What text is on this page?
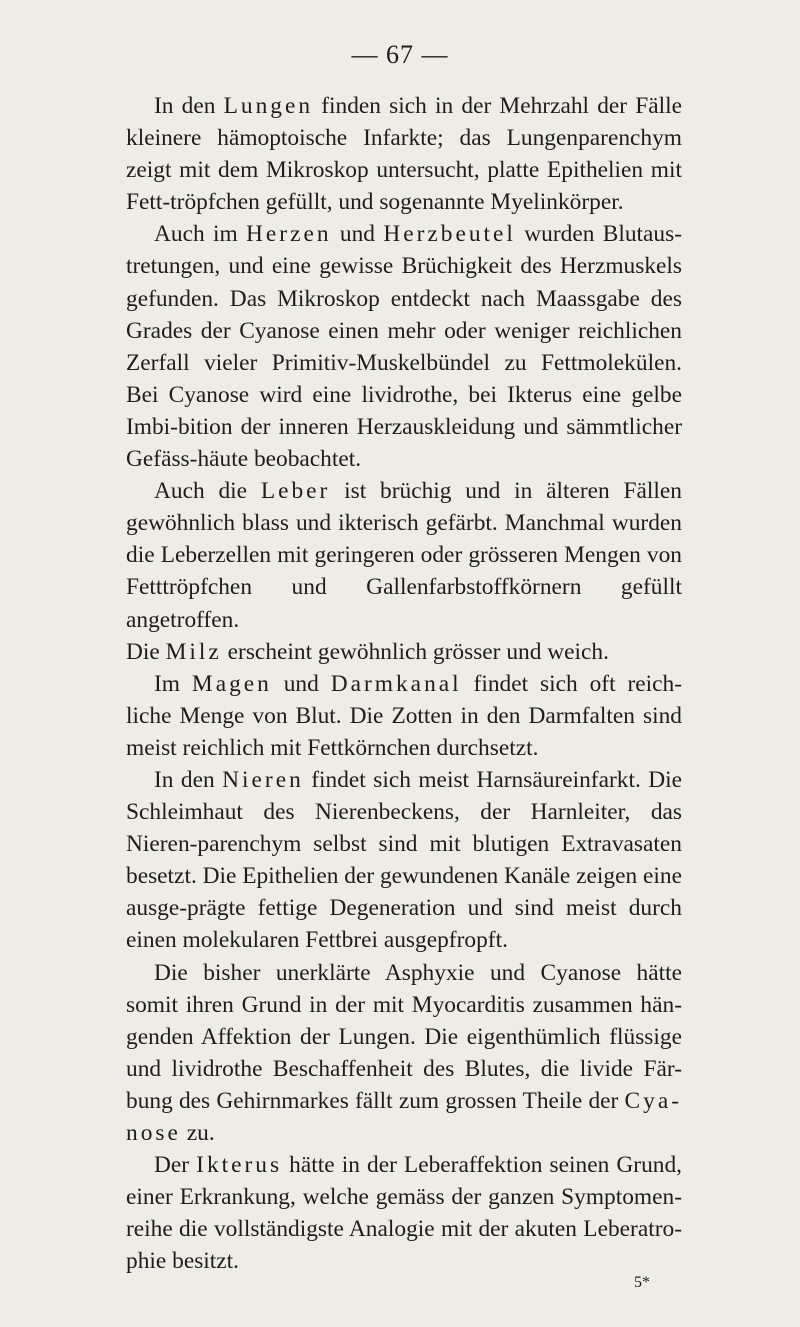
— 67 —

In den Lungen finden sich in der Mehrzahl der Fälle kleinere hämoptoische Infarkte; das Lungenparenchym zeigt mit dem Mikroskop untersucht, platte Epithelien mit Fett-tröpfchen gefüllt, und sogenannte Myelinkörper.

Auch im Herzen und Herzbeutel wurden Blutaus-tretungen, und eine gewisse Brüchigkeit des Herzmuskels gefunden. Das Mikroskop entdeckt nach Maassgabe des Grades der Cyanose einen mehr oder weniger reichlichen Zerfall vieler Primitiv-Muskelbündel zu Fettmolekülen. Bei Cyanose wird eine lividrothe, bei Ikterus eine gelbe Imbi-bition der inneren Herzauskleidung und sämmtlicher Gefäss-häute beobachtet.

Auch die Leber ist brüchig und in älteren Fällen gewöhnlich blass und ikterisch gefärbt. Manchmal wurden die Leberzellen mit geringeren oder grösseren Mengen von Fetttröpfchen und Gallenfarbstoffkörnern gefüllt angetroffen.

Die Milz erscheint gewöhnlich grösser und weich.

Im Magen und Darmkanal findet sich oft reich-liche Menge von Blut. Die Zotten in den Darmfalten sind meist reichlich mit Fettkörnchen durchsetzt.

In den Nieren findet sich meist Harnsäureinfarkt. Die Schleimhaut des Nierenbeckens, der Harnleiter, das Nieren-parenchym selbst sind mit blutigen Extravasaten besetzt. Die Epithelien der gewundenen Kanäle zeigen eine ausge-prägte fettige Degeneration und sind meist durch einen molekularen Fettbrei ausgepfropft.

Die bisher unerklärte Asphyxie und Cyanose hätte somit ihren Grund in der mit Myocarditis zusammen hän-genden Affektion der Lungen. Die eigenthümlich flüssige und lividrothe Beschaffenheit des Blutes, die livide Fär-bung des Gehirnmarkes fällt zum grossen Theile der Cya-nose zu.

Der Ikterus hätte in der Leberaffektion seinen Grund, einer Erkrankung, welche gemäss der ganzen Symptomen-reihe die vollständigste Analogie mit der akuten Leberatro-phie besitzt.

5*
